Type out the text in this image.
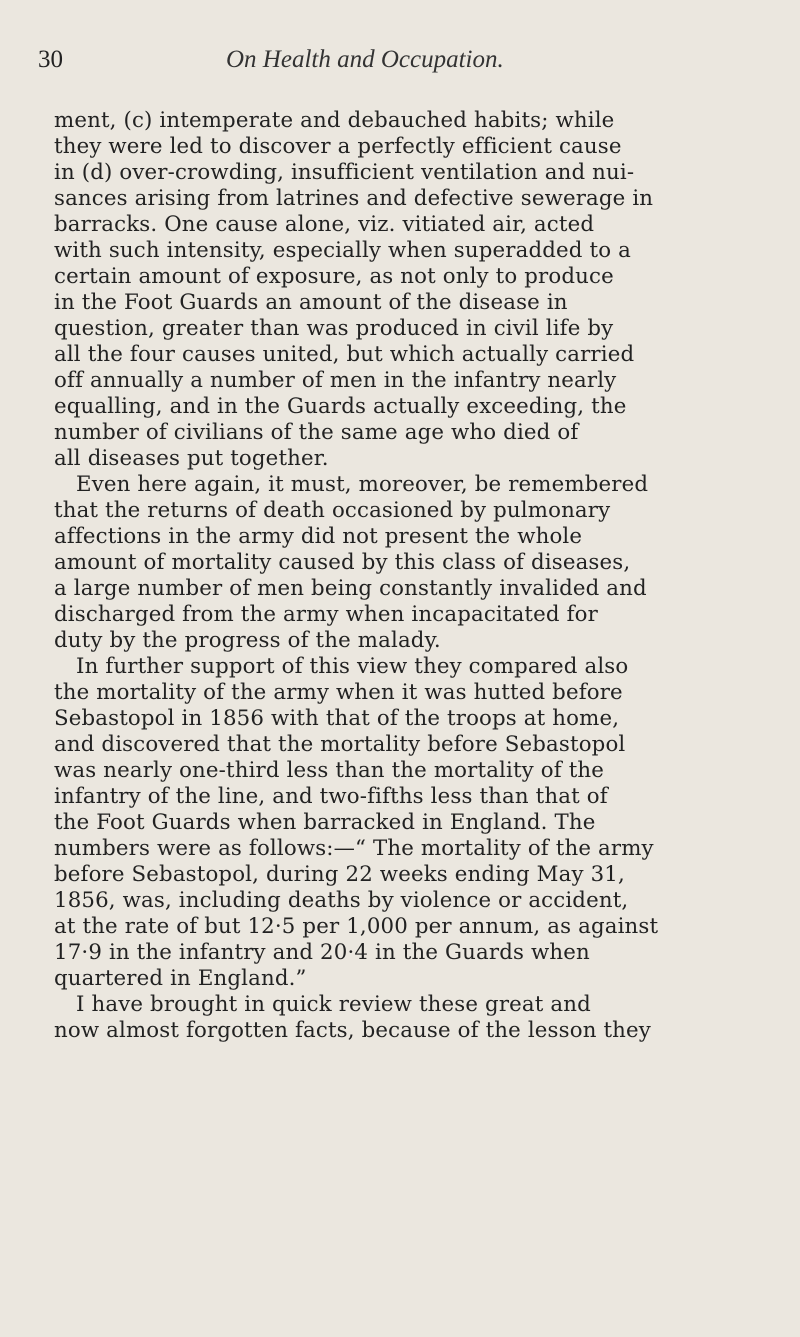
30	On Health and Occupation.
ment, (c) intemperate and debauched habits; while
they were led to discover a perfectly efficient cause
in (d) over-crowding, insufficient ventilation and nui-
sances arising from latrines and defective sewerage in
barracks. One cause alone, viz. vitiated air, acted
with such intensity, especially when superadded to a
certain amount of exposure, as not only to produce
in the Foot Guards an amount of the disease in
question, greater than was produced in civil life by
all the four causes united, but which actually carried
off annually a number of men in the infantry nearly
equalling, and in the Guards actually exceeding, the
number of civilians of the same age who died of
all diseases put together.
Even here again, it must, moreover, be remembered
that the returns of death occasioned by pulmonary
affections in the army did not present the whole
amount of mortality caused by this class of diseases,
a large number of men being constantly invalided and
discharged from the army when incapacitated for
duty by the progress of the malady.
In further support of this view they compared also
the mortality of the army when it was hutted before
Sebastopol in 1856 with that of the troops at home,
and discovered that the mortality before Sebastopol
was nearly one-third less than the mortality of the
infantry of the line, and two-fifths less than that of
the Foot Guards when barracked in England. The
numbers were as follows:—“ The mortality of the army
before Sebastopol, during 22 weeks ending May 31,
1856, was, including deaths by violence or accident,
at the rate of but 12·5 per 1,000 per annum, as against
17·9 in the infantry and 20·4 in the Guards when
quartered in England.”
I have brought in quick review these great and
now almost forgotten facts, because of the lesson they
